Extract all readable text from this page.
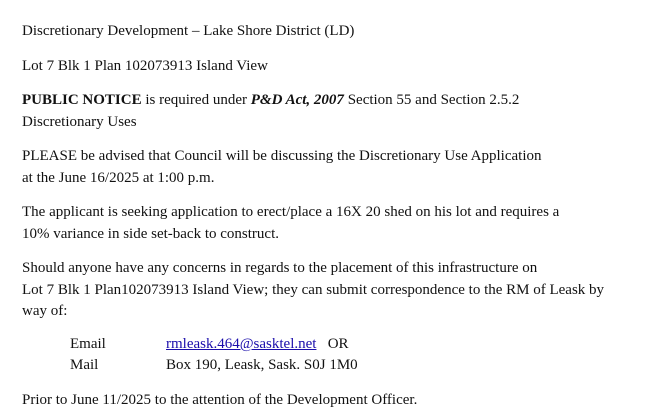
Discretionary Development – Lake Shore District (LD)
Lot 7 Blk 1 Plan 102073913 Island View
PUBLIC NOTICE is required under P&D Act, 2007 Section 55 and Section 2.5.2
Discretionary Uses
PLEASE be advised that Council will be discussing the Discretionary Use Application
at the June 16/2025 at 1:00 p.m.
The applicant is seeking application to erect/place a 16X 20 shed on his lot and requires a
10% variance in side set-back to construct.
Should anyone have any concerns in regards to the placement of this infrastructure on
Lot 7 Blk 1 Plan102073913 Island View; they can submit correspondence to the RM of Leask by
way of:
Email	rmleask.464@sasktel.net OR
Mail	Box 190, Leask, Sask. S0J 1M0
Prior to June 11/2025 to the attention of the Development Officer.
